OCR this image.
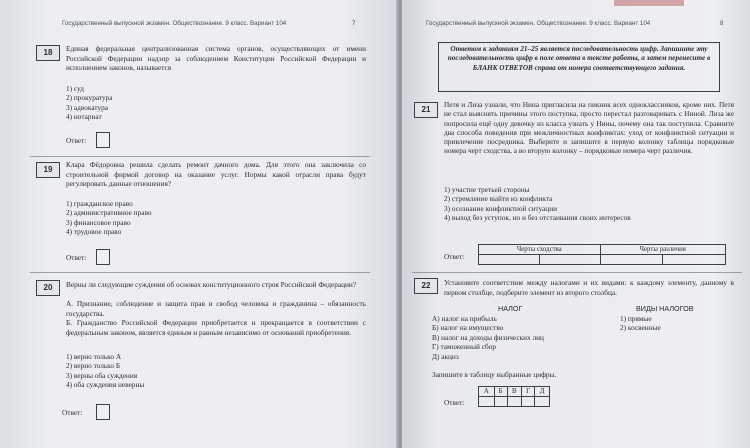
Государственный выпускной экзамен. Обществознание. 9 класс. Вариант 104	7
18	Единая федеральная централизованная система органов, осуществляющих от имени Российской Федерации надзор за соблюдением Конституции Российской Федерации и исполнением законов, называется
1) суд
2) прокуратура
3) адвокатура
4) нотариат
Ответ:
19
Клара Фёдоровна решила сделать ремонт дачного дома. Для этого она заключила со строительной фирмой договор на оказание услуг. Нормы какой отрасли права будут регулировать данные отношения?
1) гражданское право
2) административное право
3) финансовое право
4) трудовое право
Ответ:
20	Верны ли следующие суждения об основах конституционного строя Российской Федерации?
А. Признание, соблюдение и защита прав и свобод человека и гражданина – обязанность государства.
Б. Гражданство Российской Федерации приобретается и прекращается в соответствии с федеральным законом, является единым и равным независимо от оснований приобретения.
1) верно только А
2) верно только Б
3) верны оба суждения
4) оба суждения неверны
Ответ:
Государственный выпускной экзамен. Обществознание. 9 класс. Вариант 104	8
Ответом к заданиям 21–25 является последовательность цифр. Запишите эту последовательность цифр в поле ответа в тексте работы, а затем перенесите в БЛАНК ОТВЕТОВ справа от номера соответствующего задания.
21
Петя и Лиза узнали, что Нина пригласила на пикник всех одноклассников, кроме них. Петя не стал выяснять причины этого поступка, просто перестал разговаривать с Ниной. Лиза же попросила ещё одну девочку из класса узнать у Нины, почему она так поступила. Сравните два способа поведения при межличностных конфликтах: уход от конфликтной ситуации и привлечение посредника. Выберите и запишите в первую колонку таблицы порядковые номера черт сходства, а во вторую колонку – порядковые номера черт различия.
1) участие третьей стороны
2) стремление выйти из конфликта
3) осознание конфликтной ситуации
4) выход без уступок, но и без отстаивания своих интересов
Ответ:
Черты сходства		Черты различия	

22	Установите соответствие между налогами и их видами: к каждому элементу, данному в первом столбце, подберите элемент из второго столбца.
НАЛОГ	ВИДЫ НАЛОГОВ
А) налог на прибыль
Б) налог на имущество
В) налог на доходы физических лиц
Г) таможенный сбор
Д) акциз
1) прямые
2) косвенные
Запишите в таблицу выбранные цифры.
Ответ:
А	Б	В	Г	Д
